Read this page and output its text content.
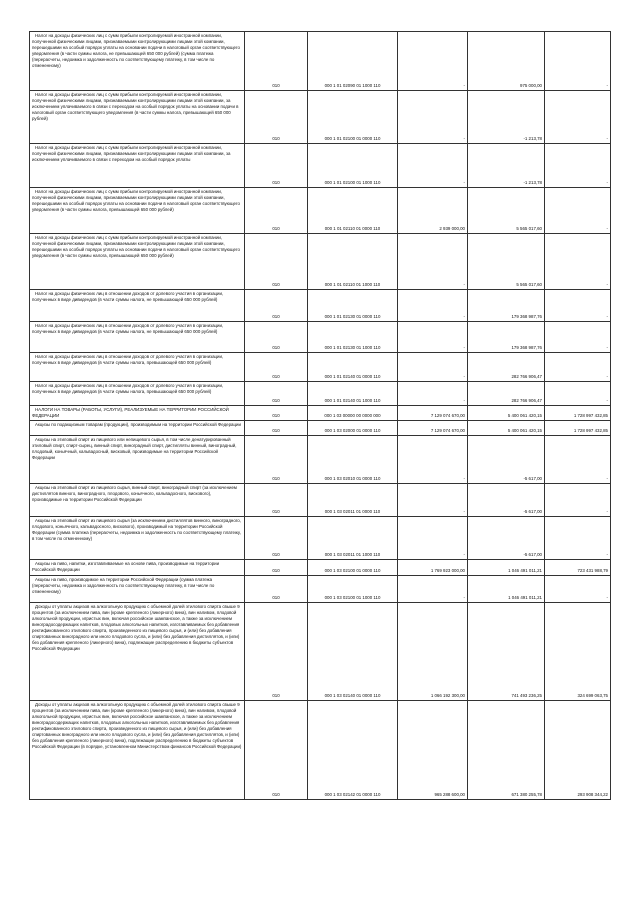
Налог на доходы физических лиц с сумм прибыли контролируемой иностранной компании, полученной физическими лицами, признаваемыми контролирующими лицами этой компании, перешедшими на особый порядок уплаты на основании подачи в налоговый орган соответствующего уведомления (в части суммы налога, не превышающей 650 000 рублей) (сумма платежа (перерасчеты, недоимка и задолженность по соответствующему платежу, в том числе по отмененному)	010	000 1 01 02090 01 1000 110	-	975 000,00	-

Налог на доходы физических лиц с сумм прибыли контролируемой иностранной компании, полученной физическими лицами, признаваемыми контролирующими лицами этой компании, за исключением уплачиваемого в связи с переходом на особый порядок уплаты на основании подачи в налоговый орган соответствующего уведомления (в части суммы налога, превышающей 650 000 рублей)	010	000 1 01 02100 01 0000 110	-	-1 213,78	-

Налог на доходы физических лиц с сумм прибыли контролируемой иностранной компании, полученной физическими лицами, признаваемыми контролирующими лицами этой компании, за исключением уплачиваемого в связи с переходом на особый порядок уплаты	010	000 1 01 02100 01 1000 110	-	-1 213,78	-

Налог на доходы физических лиц с сумм прибыли контролируемой иностранной компании, полученной физическими лицами, признаваемыми контролирующими лицами этой компании, перешедшими на особый порядок уплаты на основании подачи в налоговый орган соответствующего уведомления (в части суммы налога, превышающей 650 000 рублей)	010	000 1 01 02110 01 0000 110	2 939 000,00	5 565 017,60	-

Налог на доходы физических лиц с сумм прибыли контролируемой иностранной компании, полученной физическими лицами, признаваемыми контролирующими лицами этой компании, перешедшими на особый порядок уплаты на основании подачи в налоговый орган соответствующего уведомления (в части суммы налога, превышающей 650 000 рублей)	010	000 1 01 02110 01 1000 110	-	5 565 017,60	-

Налог на доходы физических лиц в отношении доходов от долевого участия в организации, полученных в виде дивидендов (в части суммы налога, не превышающей 650 000 рублей)	010	000 1 01 02130 01 0000 110	-	179 368 987,76	-

Налог на доходы физических лиц в отношении доходов от долевого участия в организации, полученных в виде дивидендов (в части суммы налога, не превышающей 650 000 рублей)	010	000 1 01 02130 01 1000 110	-	179 368 987,76	-

Налог на доходы физических лиц в отношении доходов от долевого участия в организации, полученных в виде дивидендов (в части суммы налога, превышающей 650 000 рублей)	010	000 1 01 02140 01 0000 110	-	282 766 906,47	-

Налог на доходы физических лиц в отношении доходов от долевого участия в организации, полученных в виде дивидендов (в части суммы налога, превышающей 650 000 рублей)	010	000 1 01 02140 01 1000 110	-	282 766 906,47	-

НАЛОГИ НА ТОВАРЫ (РАБОТЫ, УСЛУГИ), РЕАЛИЗУЕМЫЕ НА ТЕРРИТОРИИ РОССИЙСКОЙ ФЕДЕРАЦИИ	010	000 1 03 00000 00 0000 000	7 129 074 670,00	5 400 061 420,15	1 728 997 432,85

Акцизы по подакцизным товарам (продукции), производимым на территории Российской Федерации	010	000 1 03 02000 01 0000 110	7 129 074 670,00	5 400 061 420,15	1 728 997 432,85

Акцизы на этиловый спирт из пищевого или непищевого сырья, в том числе денатурированный этиловый спирт, спирт-сырец, винный спирт, виноградный спирт, дистилляты винный, виноградный, плодовый, коньячный, кальвадосный, висковый, производимые на территории Российской Федерации	010	000 1 03 02010 01 0000 110	-	-5 617,00	-

Акцизы на этиловый спирт из пищевого сырья, винный спирт, виноградный спирт (за исключением дистиллятов винного, виноградного, плодового, коньячного, кальвадосного, вискового), производимые на территории Российской Федерации	010	000 1 03 02011 01 0000 110	-	-5 617,00	-

Акцизы на этиловый спирт из пищевого сырья (за исключением дистиллятов винного, виноградного, плодового, коньячного, кальвадосного, вискового), производимый на территории Российской Федерации (сумма платежа (перерасчеты, недоимка и задолженность по соответствующему платежу, в том числе по отмененному)	010	000 1 03 02011 01 1000 110	-	-5 617,00	-

Акцизы на пиво, напитки, изготавливаемые на основе пива, производимые на территории Российской Федерации	010	000 1 03 02100 01 0000 110	1 769 923 000,00	1 046 491 011,21	723 431 988,79

Акцизы на пиво, производимое на территории Российской Федерации (сумма платежа (перерасчеты, недоимка и задолженность по соответствующему платежу, в том числе по отмененному)	010	000 1 03 02100 01 1000 110	-	1 046 491 011,21	-

Доходы от уплаты акцизов на алкогольную продукцию с объемной долей этилового спирта свыше 9 процентов (за исключением пива, вин (кроме крепленого (ликерного) вина), вин наливом, плодовой алкогольной продукции, игристых вин, включая российское шампанское, а также за исключением виноградосодержащих напитков, плодовых алкогольных напитков, изготавливаемых без добавления ректификованного этилового спирта, произведенного из пищевого сырья, и (или) без добавления спиртованных виноградного или иного плодового сусла, и (или) без добавления дистиллятов, и (или) без добавления крепленого (ликерного) вина), подлежащие распределению в бюджеты субъектов Российской Федерации	010	000 1 03 02140 01 0000 110	1 066 192 300,00	741 493 236,25	324 699 063,75

Доходы от уплаты акцизов на алкогольную продукцию с объемной долей этилового спирта свыше 9 процентов (за исключением пива, вин (кроме крепленого (ликерного) вина), вин наливом, плодовой алкогольной продукции, игристых вин, включая российское шампанское, а также за исключением виноградосодержащих напитков, плодовых алкогольных напитков, изготавливаемых без добавления ректификованного этилового спирта, произведенного из пищевого сырья, и (или) без добавления спиртованных виноградного или иного плодового сусла, и (или) без добавления дистиллятов, и (или) без добавления крепленого (ликерного) вина), подлежащие распределению в бюджеты субъектов Российской Федерации (в порядке, установленном Министерством финансов Российской Федерации)	010	000 1 03 02142 01 0000 110	965 288 600,00	671 380 255,78	293 908 344,22
